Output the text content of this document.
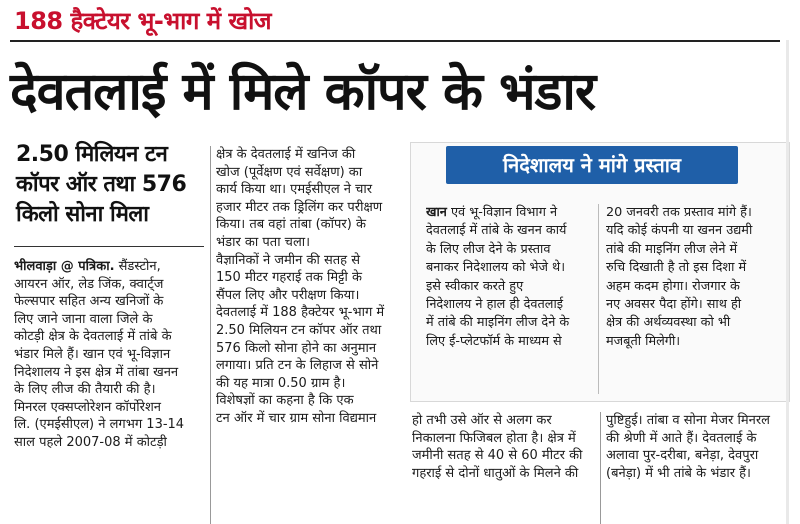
188 हैक्टेयर भू-भाग में खोज
देवतलाई में मिले कॉपर के भंडार
2.50 मिलियन टन
कॉपर ऑर तथा 576
किलो सोना मिला
भीलवाड़ा @ पत्रिका. सैंडस्टोन,
आयरन ऑर, लेड जिंक, क्वार्ट्ज
फेल्सपार सहित अन्य खनिजों के
लिए जाने जाना वाला जिले के
कोटड़ी क्षेत्र के देवतलाई में तांबे के
भंडार मिले हैं। खान एवं भू-विज्ञान
निदेशालय ने इस क्षेत्र में तांबा खनन
के लिए लीज की तैयारी की है।
मिनरल एक्सप्लोरेशन कॉर्पोरेशन
लि. (एमईसीएल) ने लगभग 13-14
साल पहले 2007-08 में कोटड़ी
क्षेत्र के देवतलाई में खनिज की
खोज (पूर्वेक्षण एवं सर्वेक्षण) का
कार्य किया था। एमईसीएल ने चार
हजार मीटर तक ड्रिलिंग कर परीक्षण
किया। तब वहां तांबा (कॉपर) के
भंडार का पता चला।
वैज्ञानिकों ने जमीन की सतह से
150 मीटर गहराई तक मिट्टी के
सैंपल लिए और परीक्षण किया।
देवतलाई में 188 हैक्टेयर भू-भाग में
2.50 मिलियन टन कॉपर ऑर तथा
576 किलो सोना होने का अनुमान
लगाया। प्रति टन के लिहाज से सोने
की यह मात्रा 0.50 ग्राम है।
विशेषज्ञों का कहना है कि एक
टन ऑर में चार ग्राम सोना विद्यमान
निदेशालय ने मांगे प्रस्ताव
खान एवं भू-विज्ञान विभाग ने
देवतलाई में तांबे के खनन कार्य
के लिए लीज देने के प्रस्ताव
बनाकर निदेशालय को भेजे थे।
इसे स्वीकार करते हुए
निदेशालय ने हाल ही देवतलाई
में तांबे की माइनिंग लीज देने के
लिए ई-प्लेटफॉर्म के माध्यम से
20 जनवरी तक प्रस्ताव मांगे हैं।
यदि कोई कंपनी या खनन उद्यमी
तांबे की माइनिंग लीज लेने में
रुचि दिखाती है तो इस दिशा में
अहम कदम होगा। रोजगार के
नए अवसर पैदा होंगे। साथ ही
क्षेत्र की अर्थव्यवस्था को भी
मजबूती मिलेगी।
हो तभी उसे ऑर से अलग कर
निकालना फिजिबल होता है। क्षेत्र में
जमीनी सतह से 40 से 60 मीटर की
गहराई से दोनों धातुओं के मिलने की
पुष्टिहुई। तांबा व सोना मेजर मिनरल
की श्रेणी में आते हैं। देवतलाई के
अलावा पुर-दरीबा, बनेड़ा, देवपुरा
(बनेड़ा) में भी तांबे के भंडार हैं।
